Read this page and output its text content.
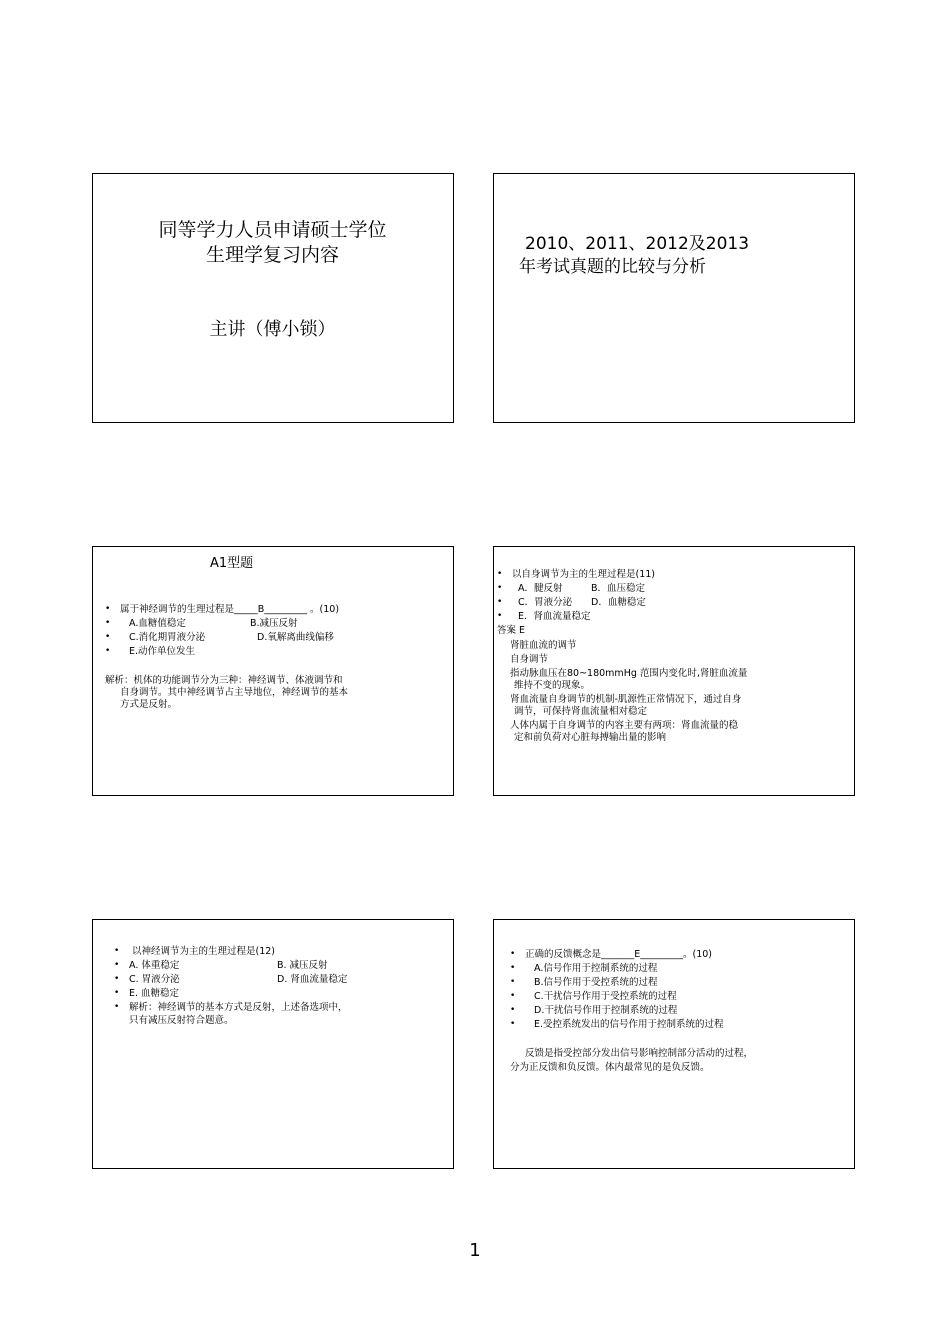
同等学力人员申请硕士学位
生理学复习内容
主讲（傅小锁）
2010、2011、2012及2013
年考试真题的比较与分析
A1型题
• 属于神经调节的生理过程是_____B_________ 。(10)
• A.血糖值稳定	B.减压反射
• C.消化期胃液分泌	D.氧解离曲线偏移
• E.动作单位发生
解析：机体的功能调节分为三种：神经调节、体液调节和
自身调节。其中神经调节占主导地位，神经调节的基本
方式是反射。
• 以自身调节为主的生理过程是(11)
• A．腱反射	B．血压稳定
• C．胃液分泌 D．血糖稳定
• E．肾血流量稳定
答案 E
肾脏血流的调节
自身调节
指动脉血压在80~180mmHg 范围内变化时,肾脏血流量
维持不变的现象。
肾血流量自身调节的机制-肌源性正常情况下，通过自身
调节，可保持肾血流量相对稳定
人体内属于自身调节的内容主要有两项：肾血流量的稳
定和前负荷对心脏每搏输出量的影响
• 以神经调节为主的生理过程是(12)
• A. 体重稳定	B. 减压反射
• C. 胃液分泌	D. 肾血流量稳定
• E. 血糖稳定
• 解析：神经调节的基本方式是反射，上述备选项中，
只有减压反射符合题意。
• 正确的反馈概念是_______E_________。(10)
• A.信号作用于控制系统的过程
• B.信号作用于受控系统的过程
• C.干扰信号作用于受控系统的过程
• D.干扰信号作用于控制系统的过程
• E.受控系统发出的信号作用于控制系统的过程
反馈是指受控部分发出信号影响控制部分活动的过程，
分为正反馈和负反馈。体内最常见的是负反馈。
1
